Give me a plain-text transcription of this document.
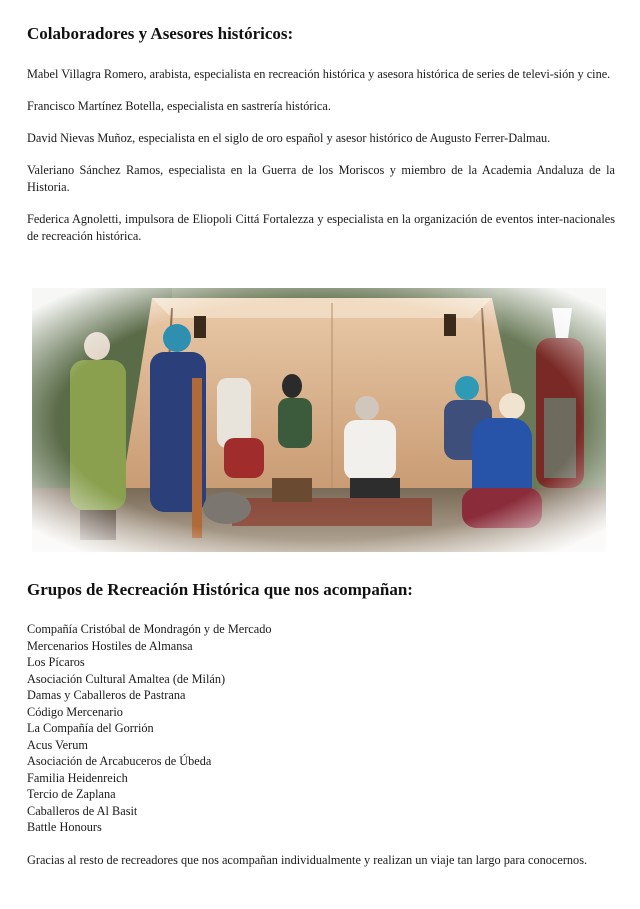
Colaboradores y Asesores históricos:

Mabel Villagra Romero, arabista, especialista en recreación histórica y asesora histórica de series de televi-sión y cine.

Francisco Martínez Botella, especialista en sastrería histórica.

David Nievas Muñoz, especialista en el siglo de oro español y asesor histórico de Augusto Ferrer-Dalmau.

Valeriano Sánchez Ramos, especialista en la Guerra de los Moriscos y miembro de la Academia Andaluza de la Historia.

Federica Agnoletti, impulsora de Eliopoli Cittá Fortalezza y especialista en la organización de eventos inter-nacionales de recreación histórica.

Grupos de Recreación Histórica que nos acompañan:

Compañía Cristóbal de Mondragón y de Mercado

Mercenarios Hostiles de Almansa

Los Pícaros

Asociación Cultural Amaltea (de Milán)

Damas y Caballeros de Pastrana

Código Mercenario

La Compañía del Gorrión

Acus Verum

Asociación de Arcabuceros de Úbeda

Familia Heidenreich

Tercio de Zaplana

Caballeros de Al Basit

Battle Honours

Gracias al resto de recreadores que nos acompañan individualmente y realizan un viaje tan largo para conocernos.
